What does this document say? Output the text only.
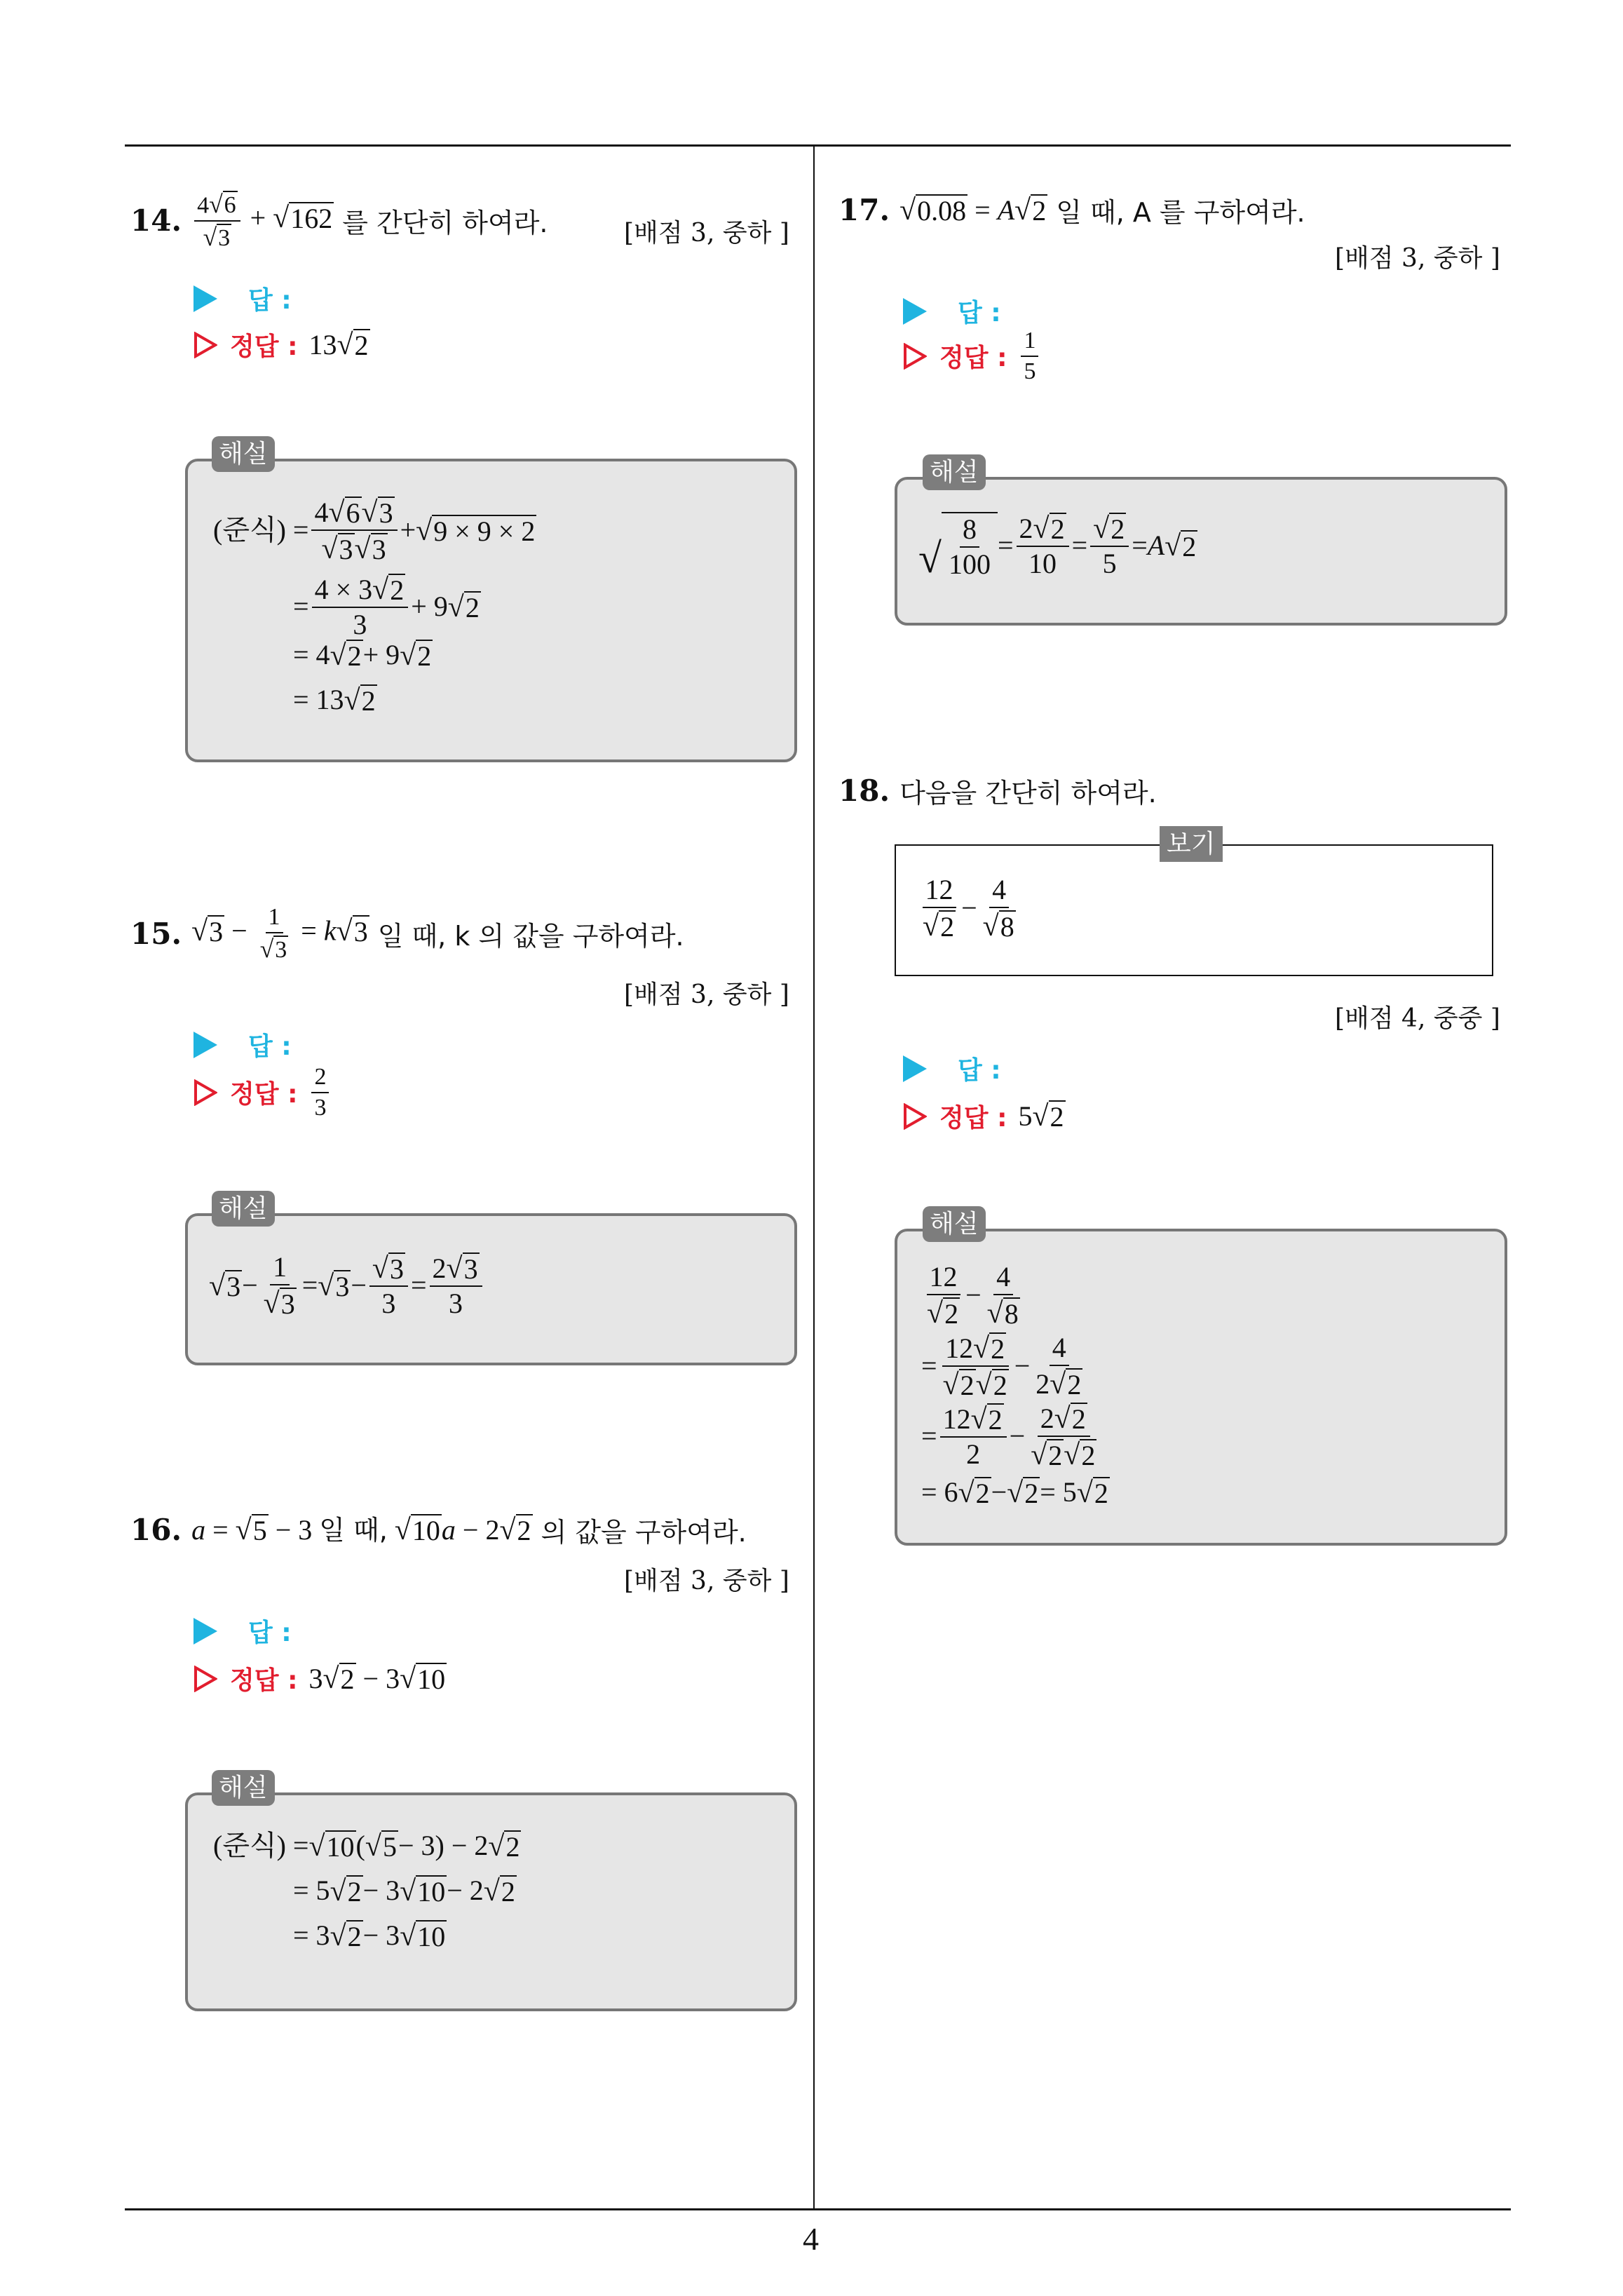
4
14. $\frac{4 √ 6}{√ 3}$ + √ 162 를 간단히 하여라.	[배점 3, 중하 ]
답 :
정답 : 13 √ 2
(준식) = $\frac{4 √ 6 √ 3}{√ 3 √ 3}$ + √ 9 × 9 × 2
= $\frac{4 \times 3 √ 2}{3} + 9$ √ 2
= 4 √ 2 + 9 √ 2
= 13 √ 2
해설
15. √ $3 - \frac{1}{√ 3} = k$ √ 3 일 때, k 의 값을 구하여라.
[배점 3, 중하 ]
답 :
정답 : $\frac{2}{3}$
√ $3 - \frac{1}{√ 3}$ = √ $3 - \frac{√ 3}{3} = \frac{2 √ 3}{3}$
해설
16. a = √ 5 − 3 일 때, √ 10 a − 2 √ 2 의 값을 구하여라.
[배점 3, 중하 ]
답 :
정답 : 3 √ 2 − 3 √ 10
(준식) = √ 10 ( √ 5 − 3) − 2 √ 2
= 5 √ 2 − 3 √ 10 − 2 √ 2
= 3 √ 2 − 3 √ 10
해설
17. √ 0.08 = A √ 2 일 때, A 를 구하여라.
[배점 3, 중하 ]
답 :
정답 : $\frac{1}{5}$
√ $\frac{8}{100} = \frac{2 √ 2}{10} = \frac{√ 2}{5} = A$ √ 2
해설
18. 다음을 간단히 하여라.
$\frac{12}{√ 2} - \frac{4}{√ 8}$
보기
[배점 4, 중중 ]
답 :
정답 : 5 √ 2
$\frac{12}{√ 2} - \frac{4}{√ 8}$
= $\frac{12 √ 2}{√ 2 √ 2} - \frac{4}{2 √ 2}$
= $\frac{12 √ 2}{2} - \frac{2 √ 2}{√ 2 √ 2}$
= 6 √ 2 − √ 2 = 5 √ 2
해설
